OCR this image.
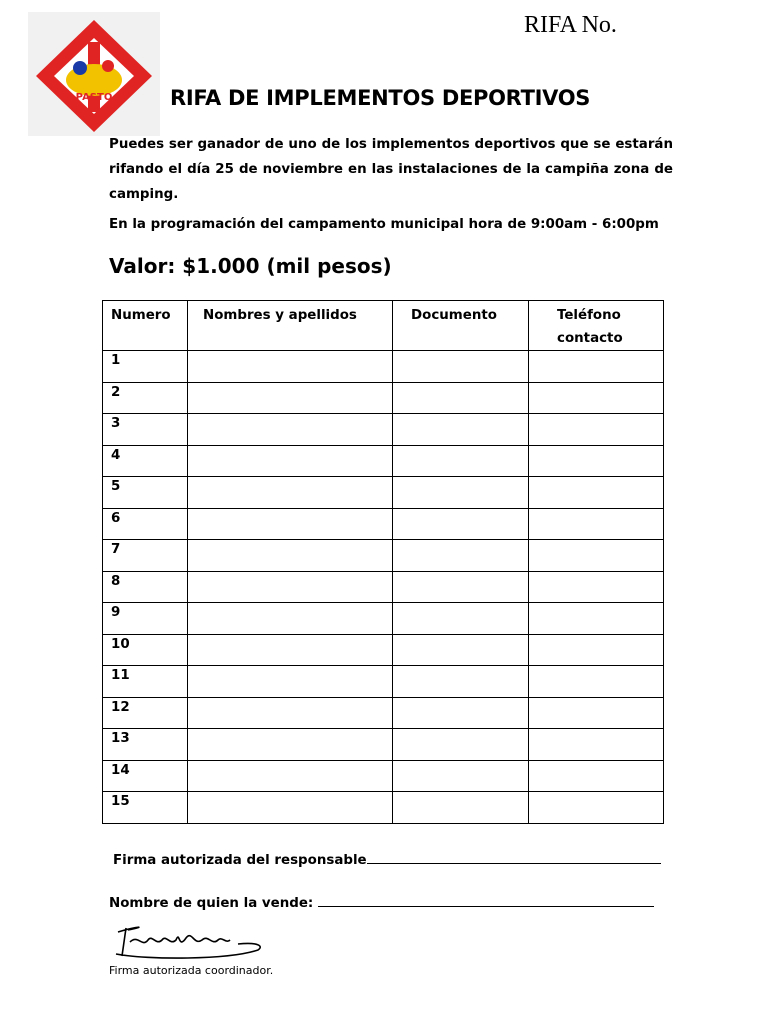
PASTO
RIFA No.
RIFA DE IMPLEMENTOS DEPORTIVOS

Puedes ser ganador de uno de los implementos deportivos que se estarán rifando el día 25 de noviembre en las instalaciones de la campiña zona de camping.

En la programación del campamento municipal hora de 9:00am - 6:00pm

Valor: $1.000 (mil pesos)
Numero	Nombres y apellidos	Documento	Teléfono
contacto
1			
2			
3			
4			
5			
6			
7			
8			
9			
10			
11			
12			
13			
14			
15			
Firma autorizada del responsable
Nombre de quien la vende:
Firma autorizada coordinador.
